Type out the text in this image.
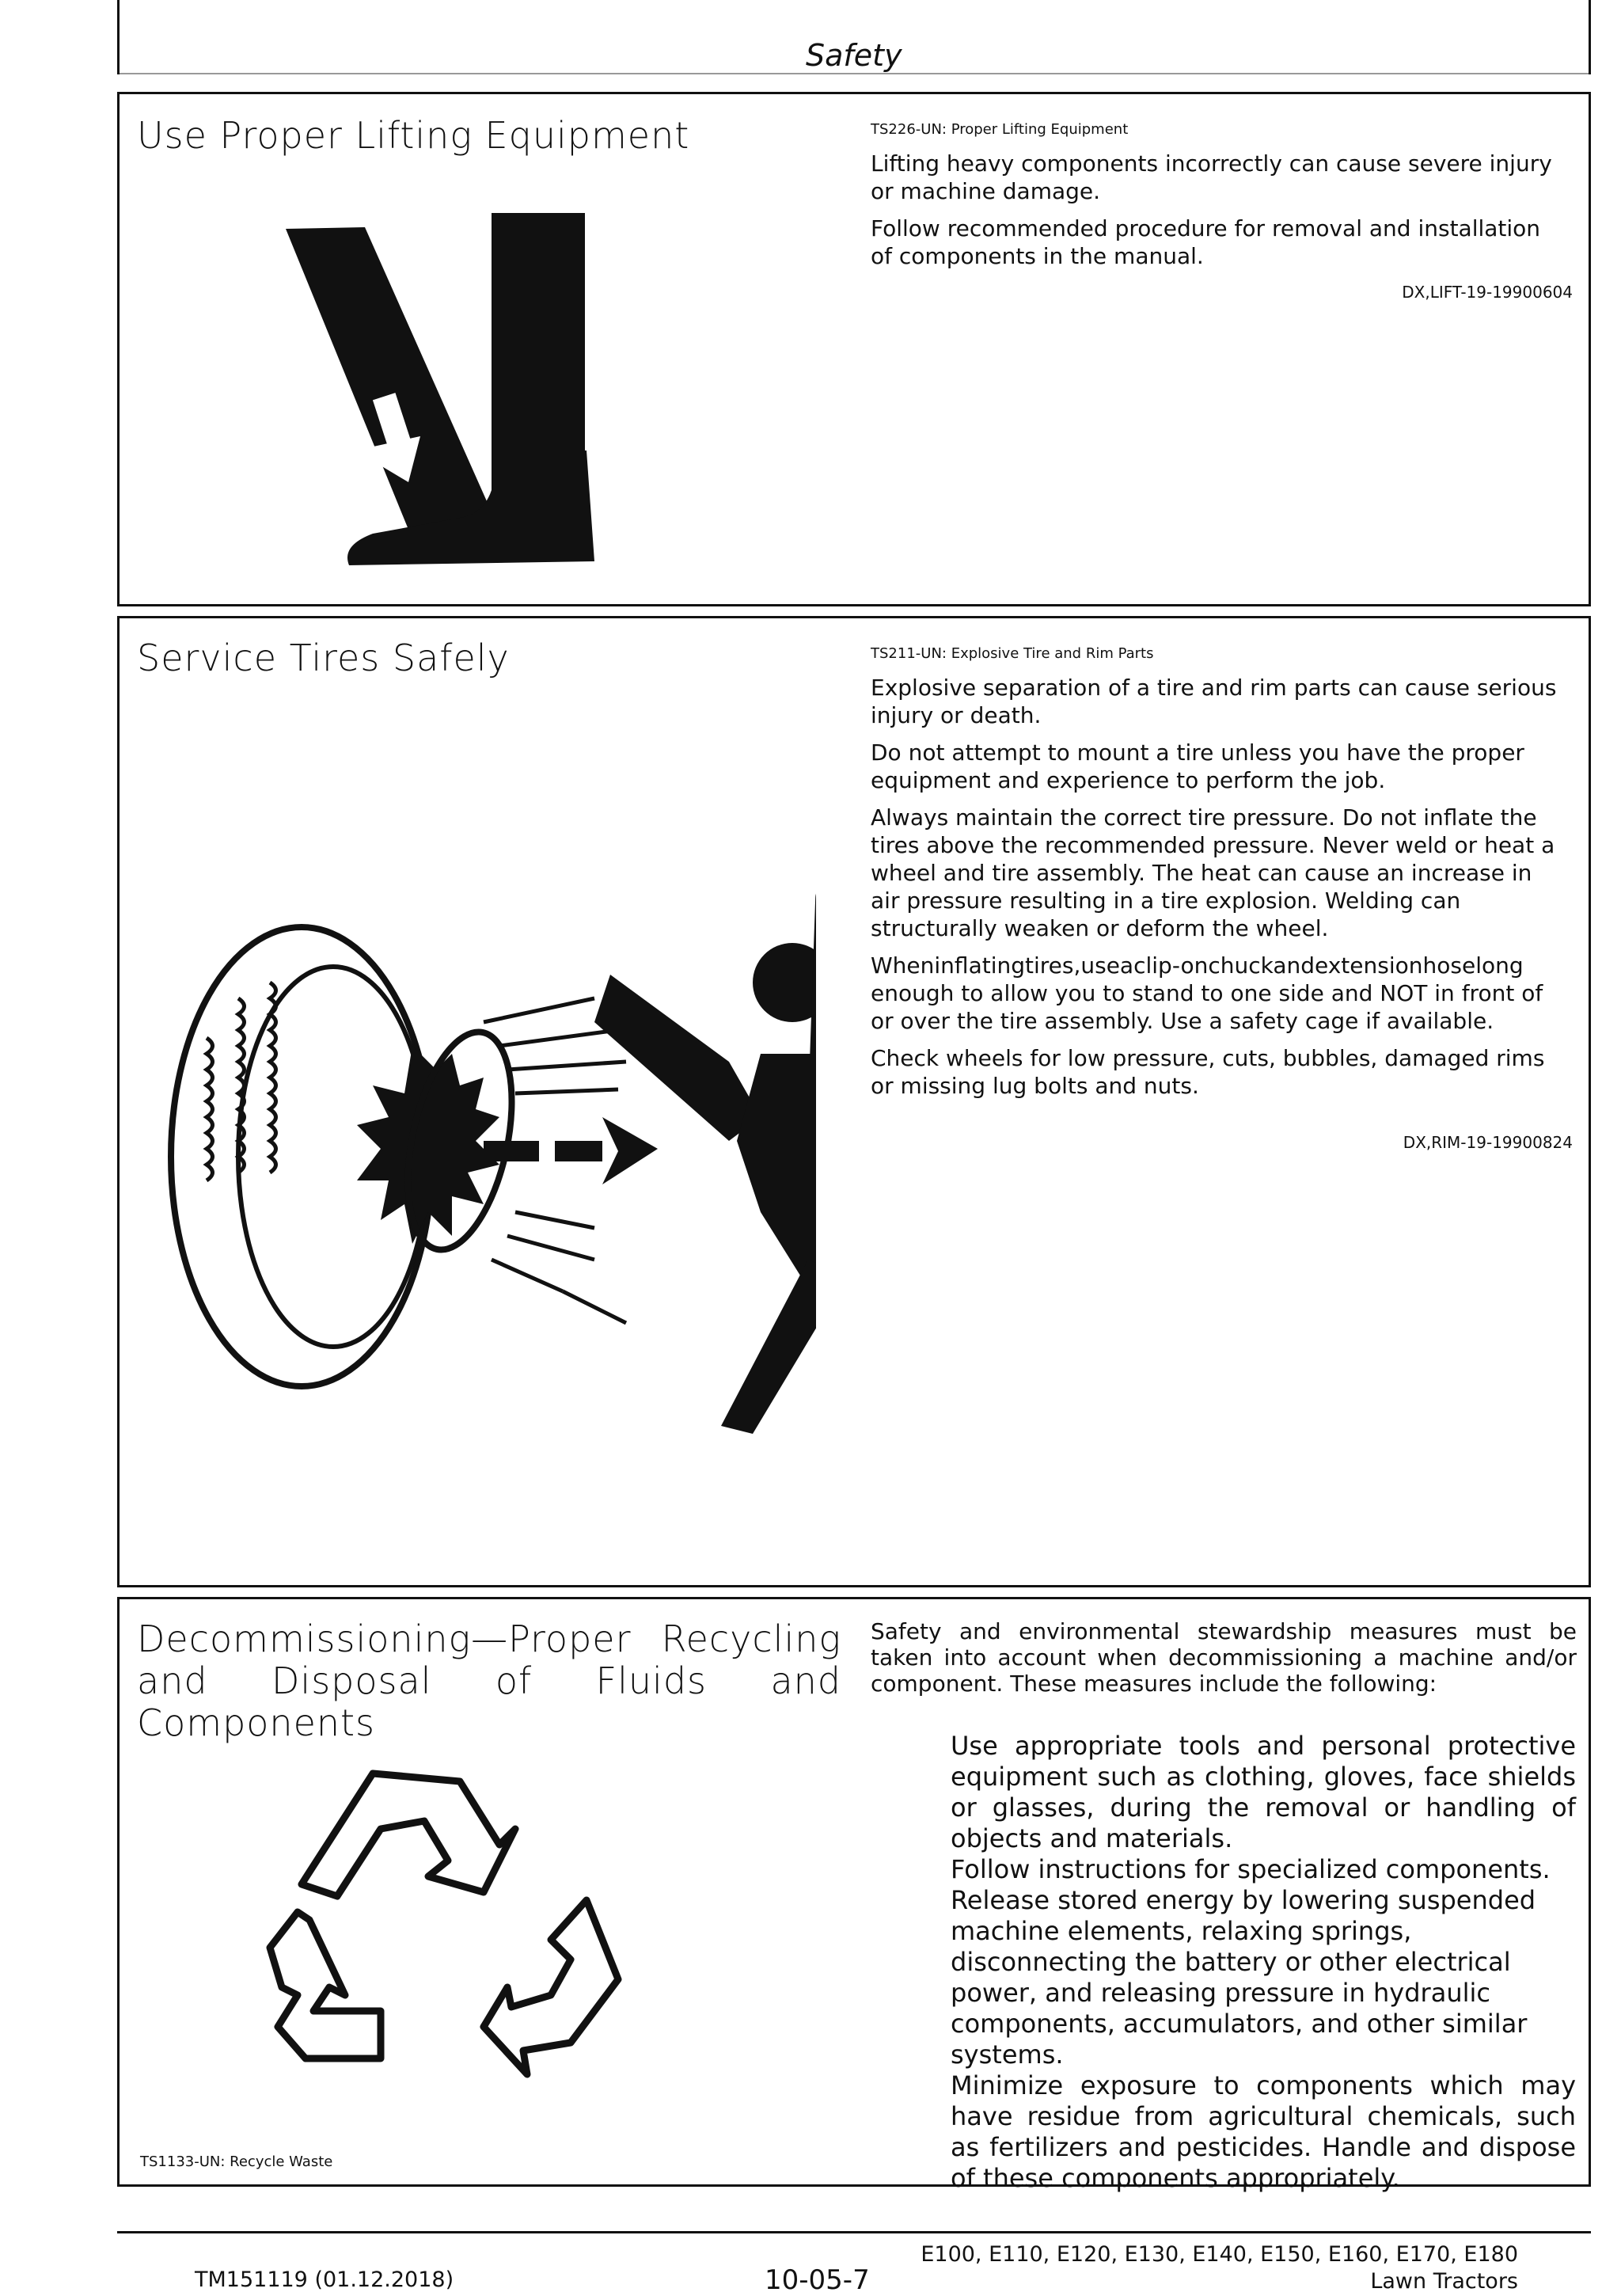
Safety
Use Proper Lifting Equipment	TS226-UN: Proper Lifting Equipment

Lifting heavy components incorrectly can cause severe injury or machine damage.

Follow recommended procedure for removal and installation of components in the manual.

DX,LIFT-19-19900604
Service Tires Safely	TS211-UN: Explosive Tire and Rim Parts

Explosive separation of a tire and rim parts can cause serious injury or death.

Do not attempt to mount a tire unless you have the proper equipment and experience to perform the job.

Always maintain the correct tire pressure. Do not inflate the tires above the recommended pressure. Never weld or heat a wheel and tire assembly. The heat can cause an increase in air pressure resulting in a tire explosion. Welding can structurally weaken or deform the wheel.

Wheninflatingtires,useaclip-onchuckandextensionhoselong enough to allow you to stand to one side and NOT in front of or over the tire assembly. Use a safety cage if available.

Check wheels for low pressure, cuts, bubbles, damaged rims or missing lug bolts and nuts.

DX,RIM-19-19900824
Decommissioning—Proper Recycling and Disposal of Fluids and Components
Safety and environmental stewardship measures must be taken into account when decommissioning a machine and/or component. These measures include the following:

Use appropriate tools and personal protective equipment such as clothing, gloves, face shields or glasses, during the removal or handling of objects and materials.

Follow instructions for specialized components.

Release stored energy by lowering suspended machine elements, relaxing springs, disconnecting the battery or other electrical power, and releasing pressure in hydraulic components, accumulators, and other similar systems.

Minimize exposure to components which may have residue from agricultural chemicals, such as fertilizers and pesticides. Handle and dispose of these components appropriately.

TS1133-UN: Recycle Waste
TM151119 (01.12.2018)	10-05-7
E100, E110, E120, E130, E140, E150, E160, E170, E180
Lawn Tractors
